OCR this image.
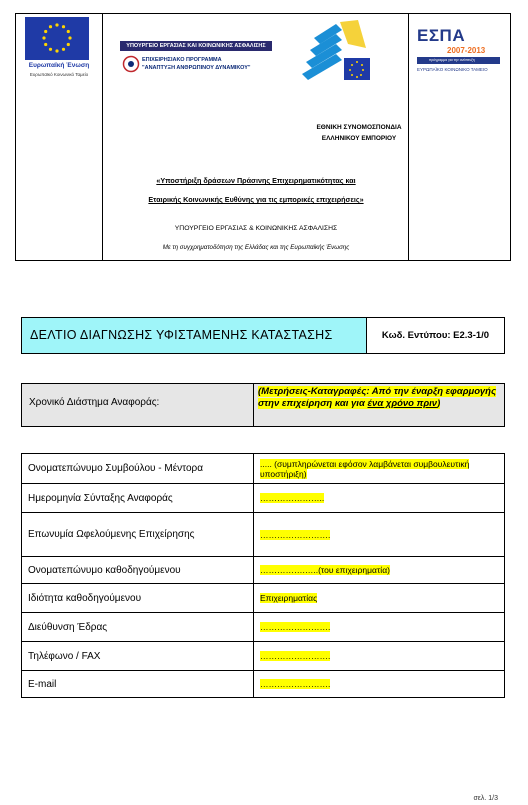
Ευρωπαϊκή Ένωση
Ευρωπαϊκό Κοινωνικό Ταμείο
ΥΠΟΥΡΓΕΙΟ ΕΡΓΑΣΙΑΣ ΚΑΙ ΚΟΙΝΩΝΙΚΗΣ ΑΣΦΑΛΙΣΗΣ
ΕΠΙΧΕΙΡΗΣΙΑΚΟ ΠΡΟΓΡΑΜΜΑ
"ΑΝΑΠΤΥΞΗ ΑΝΘΡΩΠΙΝΟΥ ΔΥΝΑΜΙΚΟΥ"
ΕΣΠΑ
2007-2013
πρόγραμμα για την ανάπτυξη
ΕΥΡΩΠΑΪΚΟ ΚΟΙΝΩΝΙΚΟ ΤΑΜΕΙΟ
ΕΘΝΙΚΗ ΣΥΝΟΜΟΣΠΟΝΔΙΑ
ΕΛΛΗΝΙΚΟΥ ΕΜΠΟΡΙΟΥ
«Υποστήριξη δράσεων Πράσινης Επιχειρηματικότητας και
Εταιρικής Κοινωνικής Ευθύνης για τις εμπορικές επιχειρήσεις»
ΥΠΟΥΡΓΕΙΟ ΕΡΓΑΣΙΑΣ & ΚΟΙΝΩΝΙΚΗΣ ΑΣΦΑΛΙΣΗΣ
Με τη συγχρηματοδότηση της Ελλάδας και της Ευρωπαϊκής Ένωσης
ΔΕΛΤΙΟ ΔΙΑΓΝΩΣΗΣ ΥΦΙΣΤΑΜΕΝΗΣ ΚΑΤΑΣΤΑΣΗΣ	Κωδ. Εντύπου: Ε2.3-1/0
Χρονικό Διάστημα Αναφοράς:
(Μετρήσεις-Καταγραφές: Από την έναρξη εφαρμογής στην επιχείρηση και για ένα χρόνο πριν)
Ονοματεπώνυμο Συμβούλου - Μέντορα	..... (συμπληρώνεται εφόσον λαμβάνεται συμβουλευτική υποστήριξη)
Ημερομηνία Σύνταξης Αναφοράς	…………………..
Επωνυμία Ωφελούμενης Επιχείρησης	…………………….
Ονοματεπώνυμο καθοδηγούμενου	…………….…..(του επιχειρηματία)
Ιδιότητα καθοδηγούμενου	Επιχειρηματίας
Διεύθυνση Έδρας	…………………….
Τηλέφωνο / FAX	…………………….
E-mail	…………………….
σελ. 1/3
